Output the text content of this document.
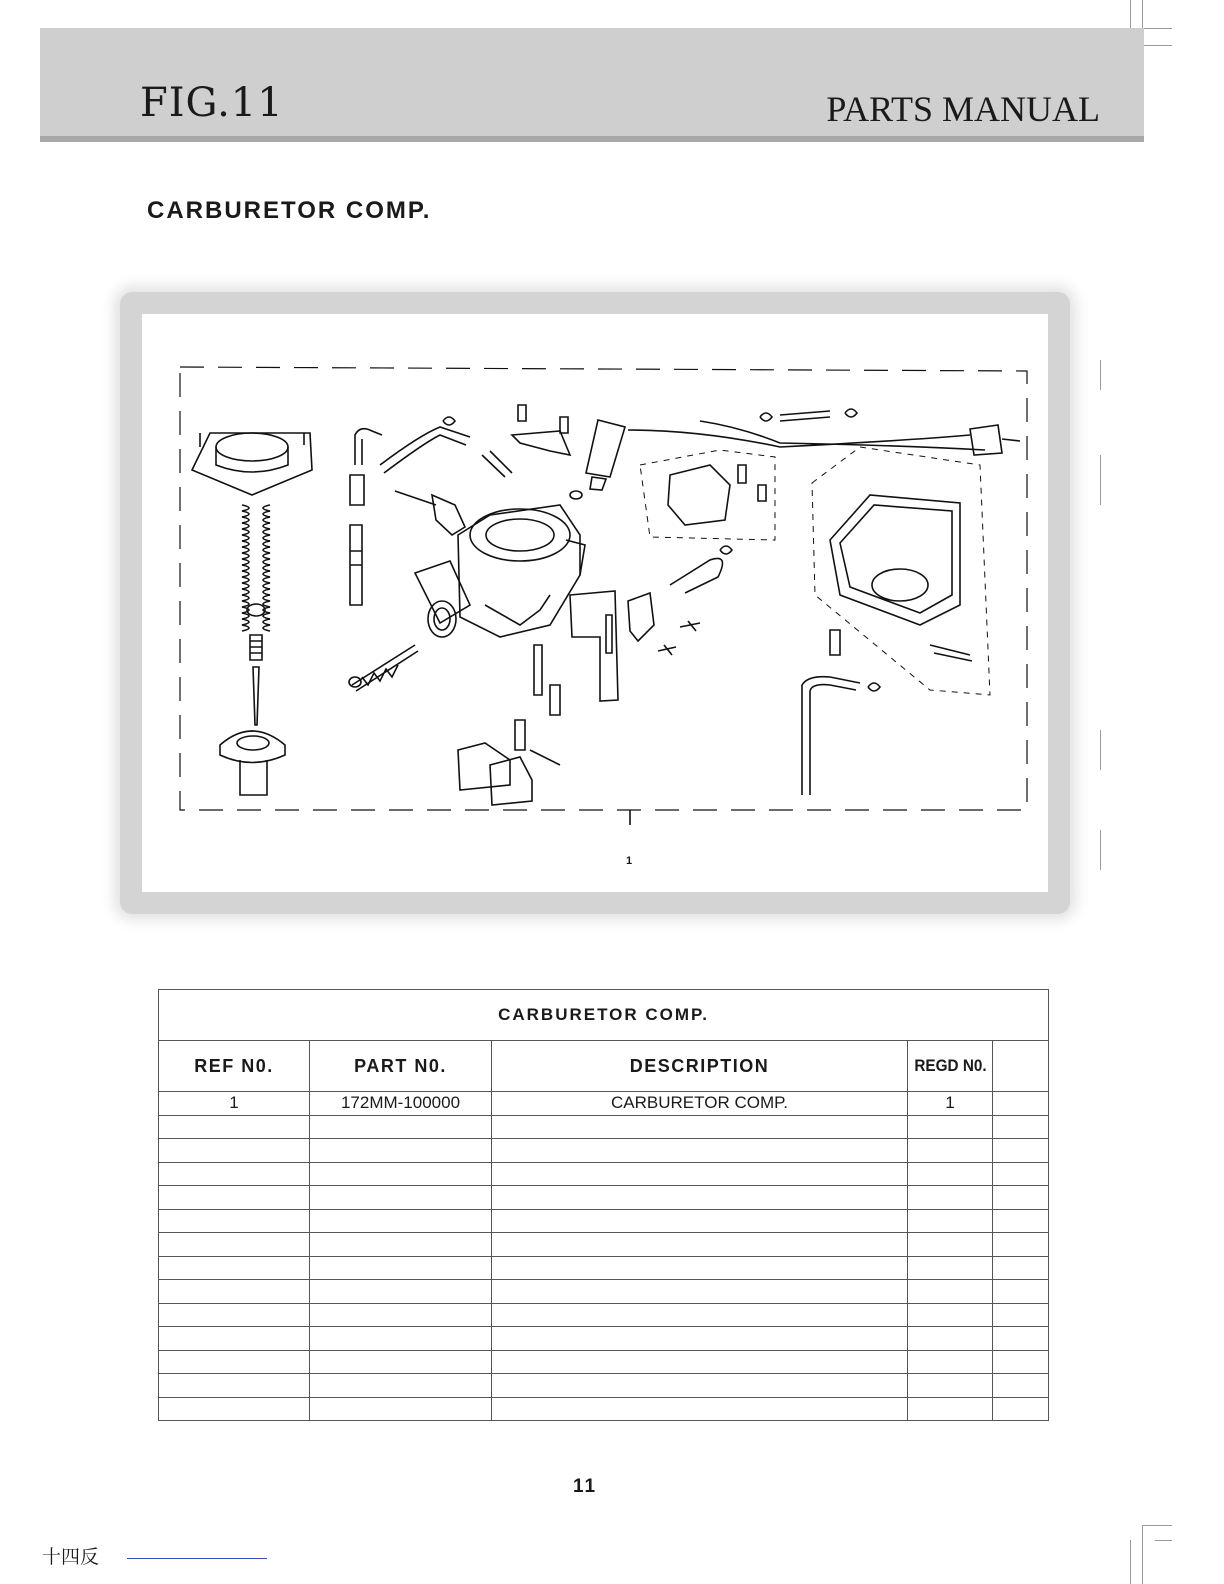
FIG.11	PARTS MANUAL
CARBURETOR COMP.
1
CARBURETOR COMP.				
REF N0.	PART N0.	DESCRIPTION	REGD N0.	
1	172MM-100000	CARBURETOR COMP.	1	

11
十四反
